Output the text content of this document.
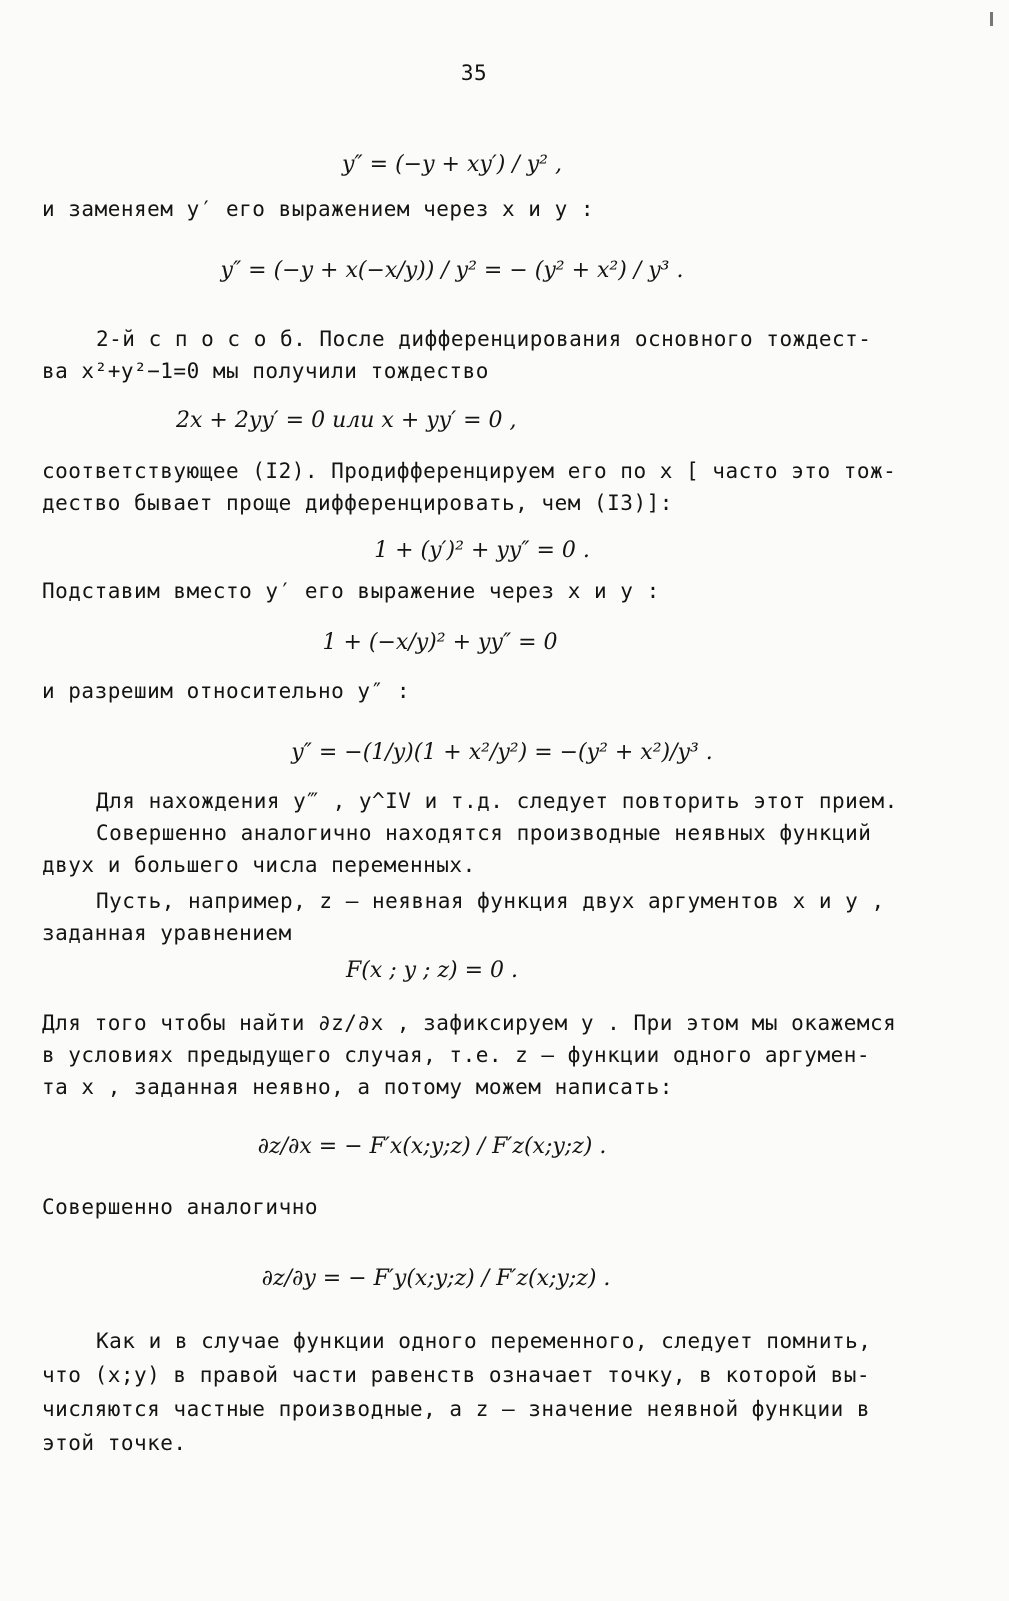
35
y″ = (−y + xy′) / y² ,
и заменяем y′ его выражением через x и y :
y″ = (−y + x(−x/y)) / y² = − (y² + x²) / y³ .
2-й с п о с о б. После дифференцирования основного тождест-
ва x²+y²−1=0 мы получили тождество
2x + 2yy′ = 0 или x + yy′ = 0 ,
соответствующее (I2). Продифференцируем его по x [ часто это тож-
дество бывает проще дифференцировать, чем (I3)]:
1 + (y′)² + yy″ = 0 .
Подставим вместо y′ его выражение через x и y :
1 + (−x/y)² + yy″ = 0
и разрешим относительно y″ :
y″ = −(1/y)(1 + x²/y²) = −(y² + x²)/y³ .
Для нахождения y‴ , y^IV и т.д. следует повторить этот прием.
Совершенно аналогично находятся производные неявных функций
двух и большего числа переменных.
Пусть, например, z – неявная функция двух аргументов x и y ,
заданная уравнением
F(x ; y ; z) = 0 .
Для того чтобы найти ∂z/∂x , зафиксируем y . При этом мы окажемся
в условиях предыдущего случая, т.е. z – функции одного аргумен-
та x , заданная неявно, а потому можем написать:
∂z/∂x = − F′x(x;y;z) / F′z(x;y;z) .
Совершенно аналогично
∂z/∂y = − F′y(x;y;z) / F′z(x;y;z) .
Как и в случае функции одного переменного, следует помнить,
что (x;y) в правой части равенств означает точку, в которой вы-
числяются частные производные, а z – значение неявной функции в
этой точке.
